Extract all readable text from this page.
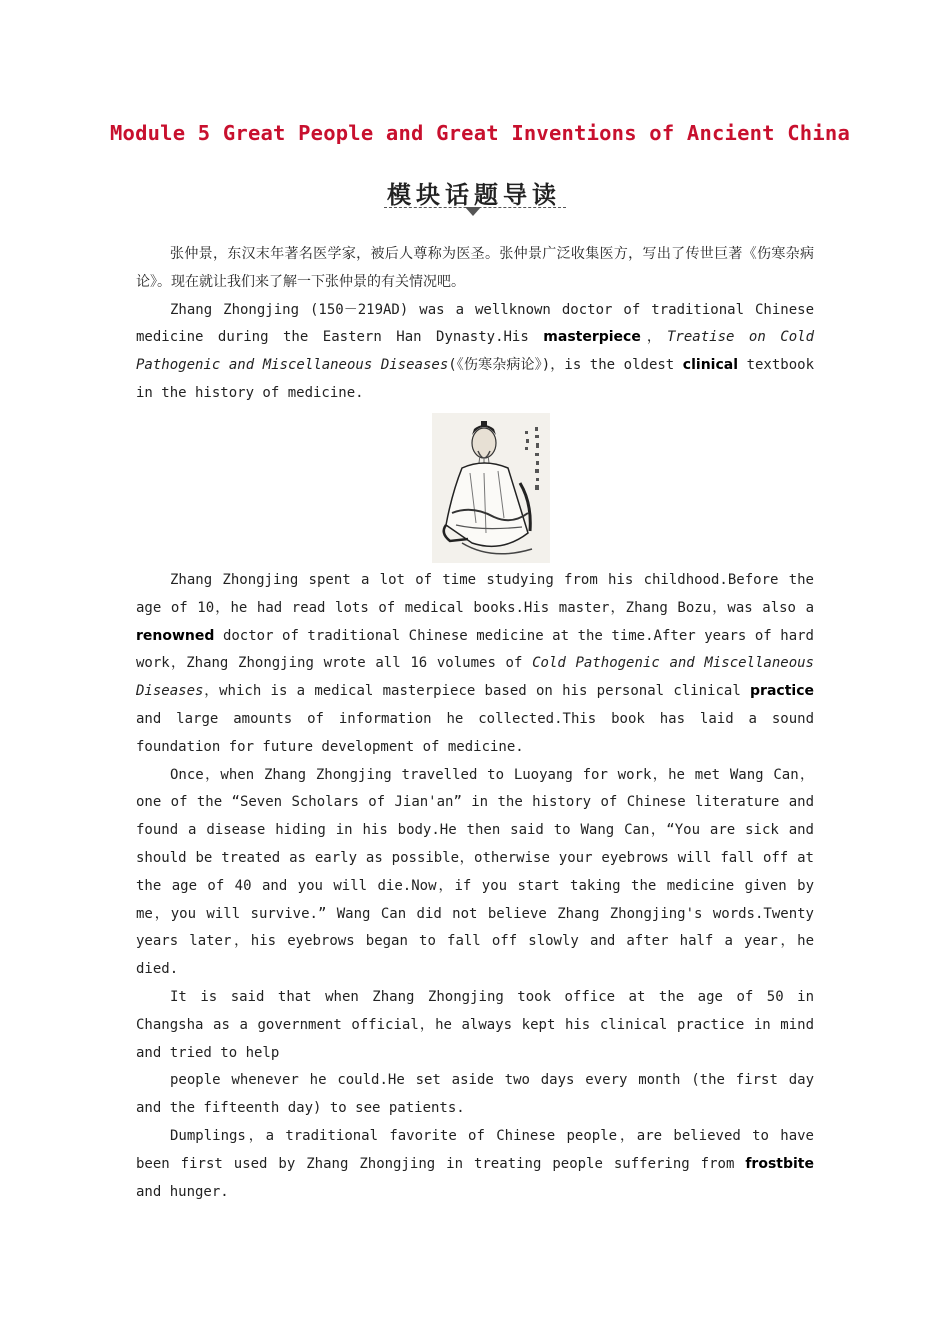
Module 5 Great People and Great Inventions of Ancient China
模块话题导读

张仲景，东汉末年著名医学家，被后人尊称为医圣。张仲景广泛收集医方，写出了传世巨著《伤寒杂病论》。现在就让我们来了解一下张仲景的有关情况吧。

Zhang Zhongjing (150－219AD) was a wellknown doctor of traditional Chinese medicine during the Eastern Han Dynasty.His masterpiece，Treatise on Cold Pathogenic and Miscellaneous Diseases(《伤寒杂病论》)，is the oldest clinical textbook in the history of medicine.

Zhang Zhongjing spent a lot of time studying from his childhood.Before the age of 10，he had read lots of medical books.His master，Zhang Bozu，was also a renowned doctor of traditional Chinese medicine at the time.After years of hard work，Zhang Zhongjing wrote all 16 volumes of Cold Pathogenic and Miscellaneous Diseases，which is a medical masterpiece based on his personal clinical practice and large amounts of information he collected.This book has laid a sound foundation for future development of medicine.

Once，when Zhang Zhongjing travelled to Luoyang for work，he met Wang Can，one of the “Seven Scholars of Jian'an” in the history of Chinese literature and found a disease hiding in his body.He then said to Wang Can，“You are sick and should be treated as early as possible，otherwise your eyebrows will fall off at the age of 40 and you will die.Now，if you start taking the medicine given by me，you will survive.” Wang Can did not believe Zhang Zhongjing's words.Twenty years later，his eyebrows began to fall off slowly and after half a year，he died.

It is said that when Zhang Zhongjing took office at the age of 50 in Changsha as a government official，he always kept his clinical practice in mind and tried to help

people whenever he could.He set aside two days every month (the first day and the fifteenth day) to see patients.

Dumplings，a traditional favorite of Chinese people，are believed to have been first used by Zhang Zhongjing in treating people suffering from frostbite and hunger.
